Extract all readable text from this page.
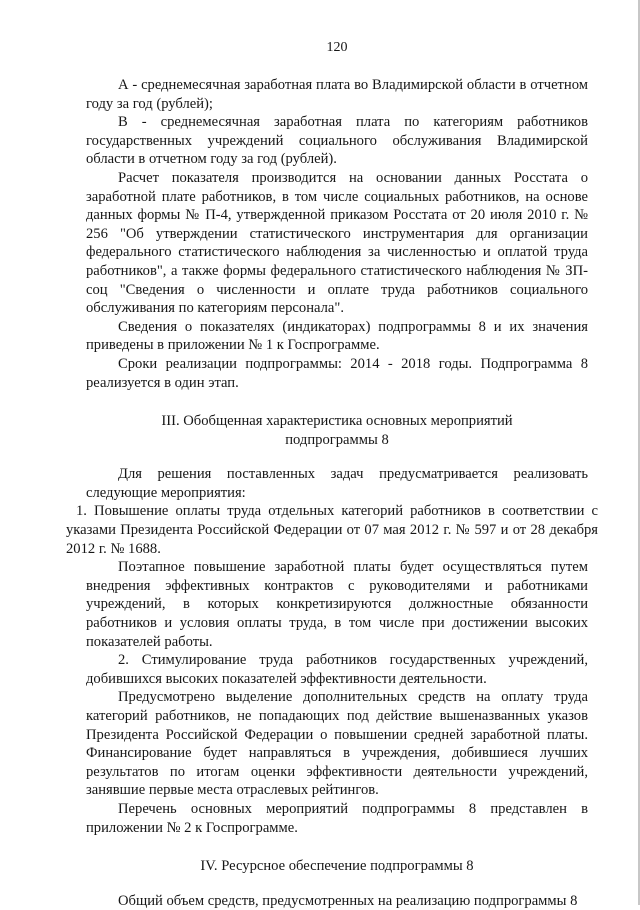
120

А - среднемесячная заработная плата во Владимирской области в отчетном году за год (рублей);

В - среднемесячная заработная плата по категориям работников государственных учреждений социального обслуживания Владимирской области в отчетном году за год (рублей).

Расчет показателя производится на основании данных Росстата о заработной плате работников, в том числе социальных работников, на основе данных формы № П-4, утвержденной приказом Росстата от 20 июля 2010 г. № 256 "Об утверждении статистического инструментария для организации федерального статистического наблюдения за численностью и оплатой труда работников", а также формы федерального статистического наблюдения № ЗП-соц "Сведения о численности и оплате труда работников социального обслуживания по категориям персонала".

Сведения о показателях (индикаторах) подпрограммы 8 и их значения приведены в приложении № 1 к Госпрограмме.

Сроки реализации подпрограммы: 2014 - 2018 годы. Подпрограмма 8 реализуется в один этап.

III. Обобщенная характеристика основных мероприятий
подпрограммы 8

Для решения поставленных задач предусматривается реализовать следующие мероприятия:

1. Повышение оплаты труда отдельных категорий работников в соответствии с указами Президента Российской Федерации от 07 мая 2012 г. № 597 и от 28 декабря 2012 г. № 1688.

Поэтапное повышение заработной платы будет осуществляться путем внедрения эффективных контрактов с руководителями и работниками учреждений, в которых конкретизируются должностные обязанности работников и условия оплаты труда, в том числе при достижении высоких показателей работы.

2. Стимулирование труда работников государственных учреждений, добившихся высоких показателей эффективности деятельности.

Предусмотрено выделение дополнительных средств на оплату труда категорий работников, не попадающих под действие вышеназванных указов Президента Российской Федерации о повышении средней заработной платы. Финансирование будет направляться в учреждения, добившиеся лучших результатов по итогам оценки эффективности деятельности учреждений, занявшие первые места отраслевых рейтингов.

Перечень основных мероприятий подпрограммы 8 представлен в приложении № 2 к Госпрограмме.

IV. Ресурсное обеспечение подпрограммы 8

Общий объем средств, предусмотренных на реализацию подпрограммы 8
